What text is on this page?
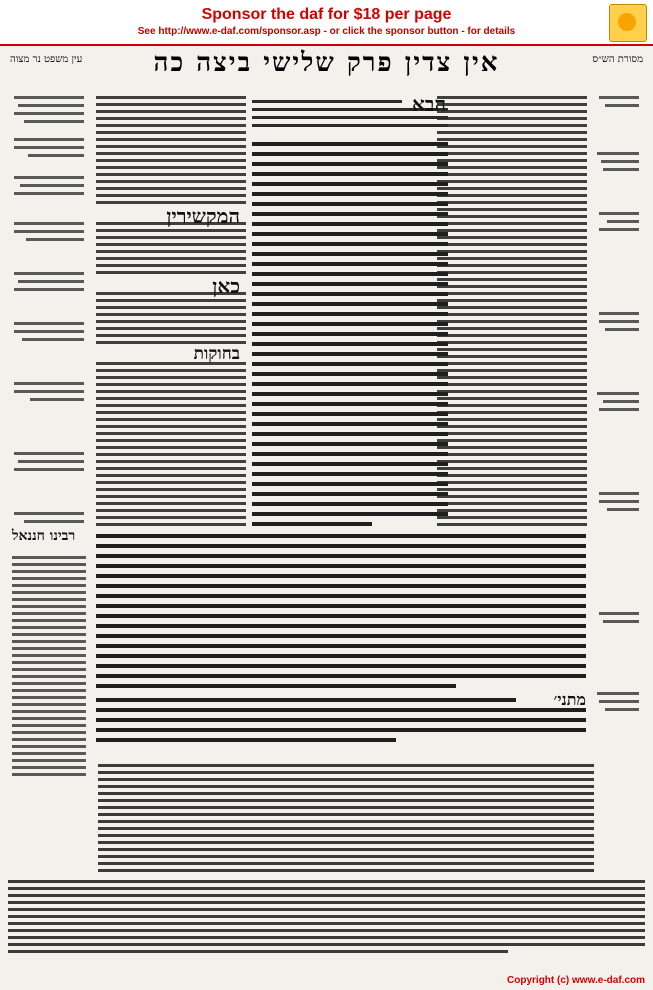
Sponsor the daf for $18 per page
See http://www.e-daf.com/sponsor.asp - or click the sponsor button - for details
מסורת הש״ס
אין צדין פרק שלישי ביצה כה
עין משפט נר מצוה
רבינו חננאל
המקשירין
כאן
בחוקות
הבא
מתני׳
Copyright (c) www.e-daf.com
